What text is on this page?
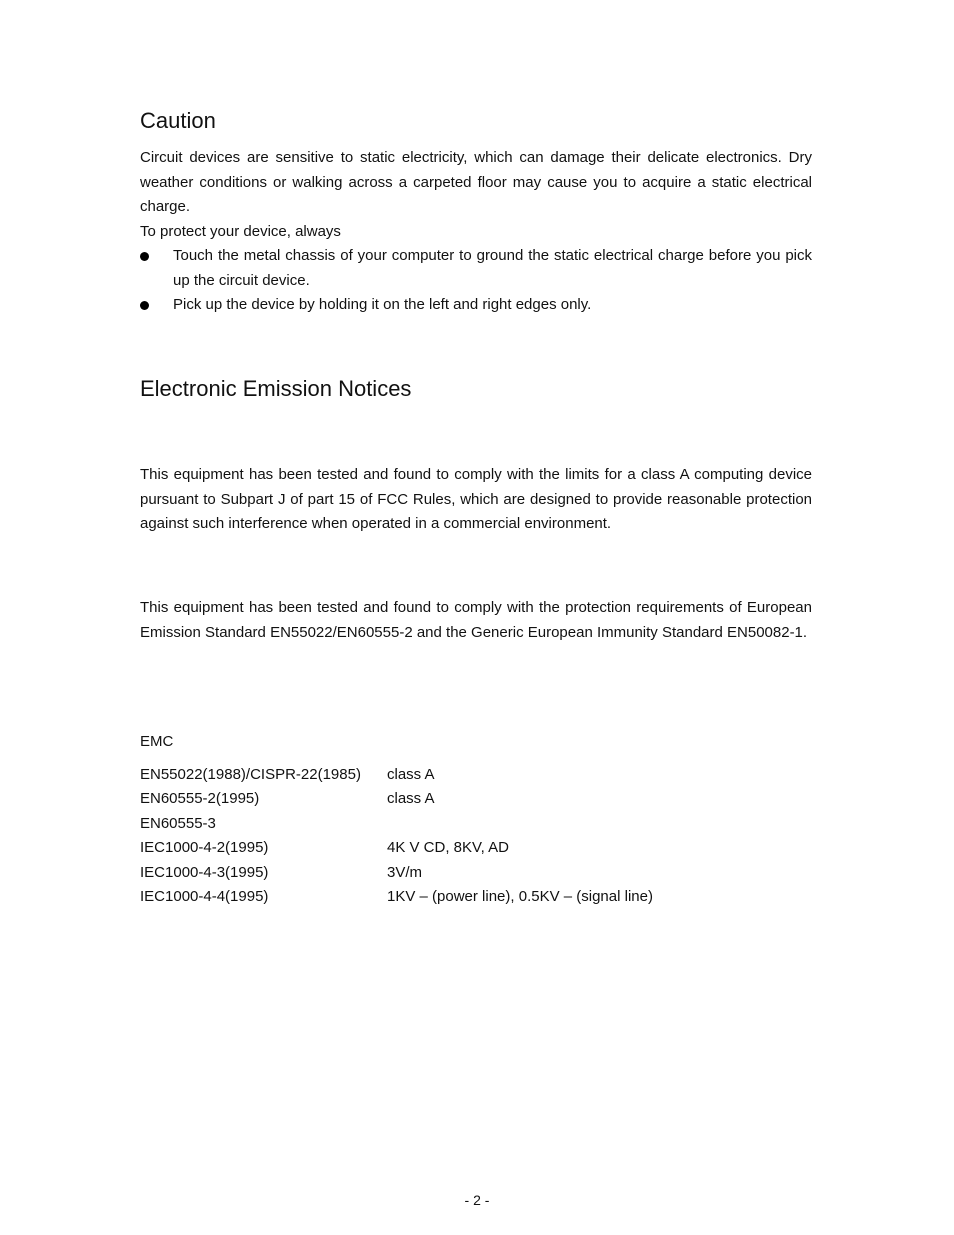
Caution

Circuit devices are sensitive to static electricity, which can damage their delicate electronics. Dry weather conditions or walking across a carpeted floor may cause you to acquire a static electrical charge.

To protect your device, always

Touch the metal chassis of your computer to ground the static electrical charge before you pick up the circuit device.
Pick up the device by holding it on the left and right edges only.
Electronic Emission Notices

This equipment has been tested and found to comply with the limits for a class A computing device pursuant to Subpart J of part 15 of FCC Rules, which are designed to provide reasonable protection against such interference when operated in a commercial environment.

This equipment has been tested and found to comply with the protection requirements of European Emission Standard EN55022/EN60555-2 and the Generic European Immunity Standard EN50082-1.

EMC
EN55022(1988)/CISPR-22(1985)	class A
EN60555-2(1995)	class A
EN60555-3	
IEC1000-4-2(1995)	4K V CD, 8KV, AD
IEC1000-4-3(1995)	3V/m
IEC1000-4-4(1995)	1KV – (power line), 0.5KV – (signal line)
- 2 -
